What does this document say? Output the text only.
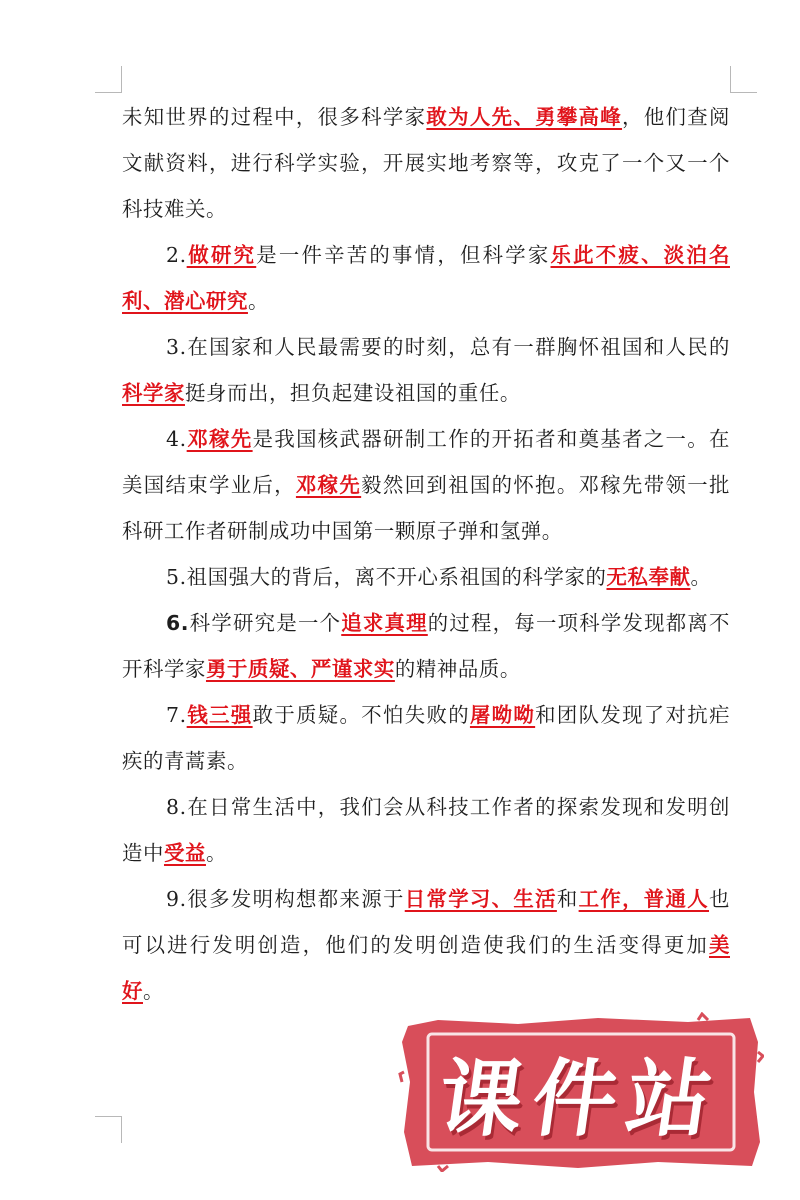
未知世界的过程中，很多科学家敢为人先、勇攀高峰，他们查阅文献资料，进行科学实验，开展实地考察等，攻克了一个又一个科技难关。

2.做研究是一件辛苦的事情，但科学家乐此不疲、淡泊名利、潜心研究。

3.在国家和人民最需要的时刻，总有一群胸怀祖国和人民的科学家挺身而出，担负起建设祖国的重任。

4.邓稼先是我国核武器研制工作的开拓者和奠基者之一。在美国结束学业后，邓稼先毅然回到祖国的怀抱。邓稼先带领一批科研工作者研制成功中国第一颗原子弹和氢弹。

5.祖国强大的背后，离不开心系祖国的科学家的无私奉献。

6.科学研究是一个追求真理的过程，每一项科学发现都离不开科学家勇于质疑、严谨求实的精神品质。

7.钱三强敢于质疑。不怕失败的屠呦呦和团队发现了对抗疟疾的青蒿素。

8.在日常生活中，我们会从科技工作者的探索发现和发明创造中受益。

9.很多发明构想都来源于日常学习、生活和工作，普通人也可以进行发明创造，他们的发明创造使我们的生活变得更加美好。

课件站
